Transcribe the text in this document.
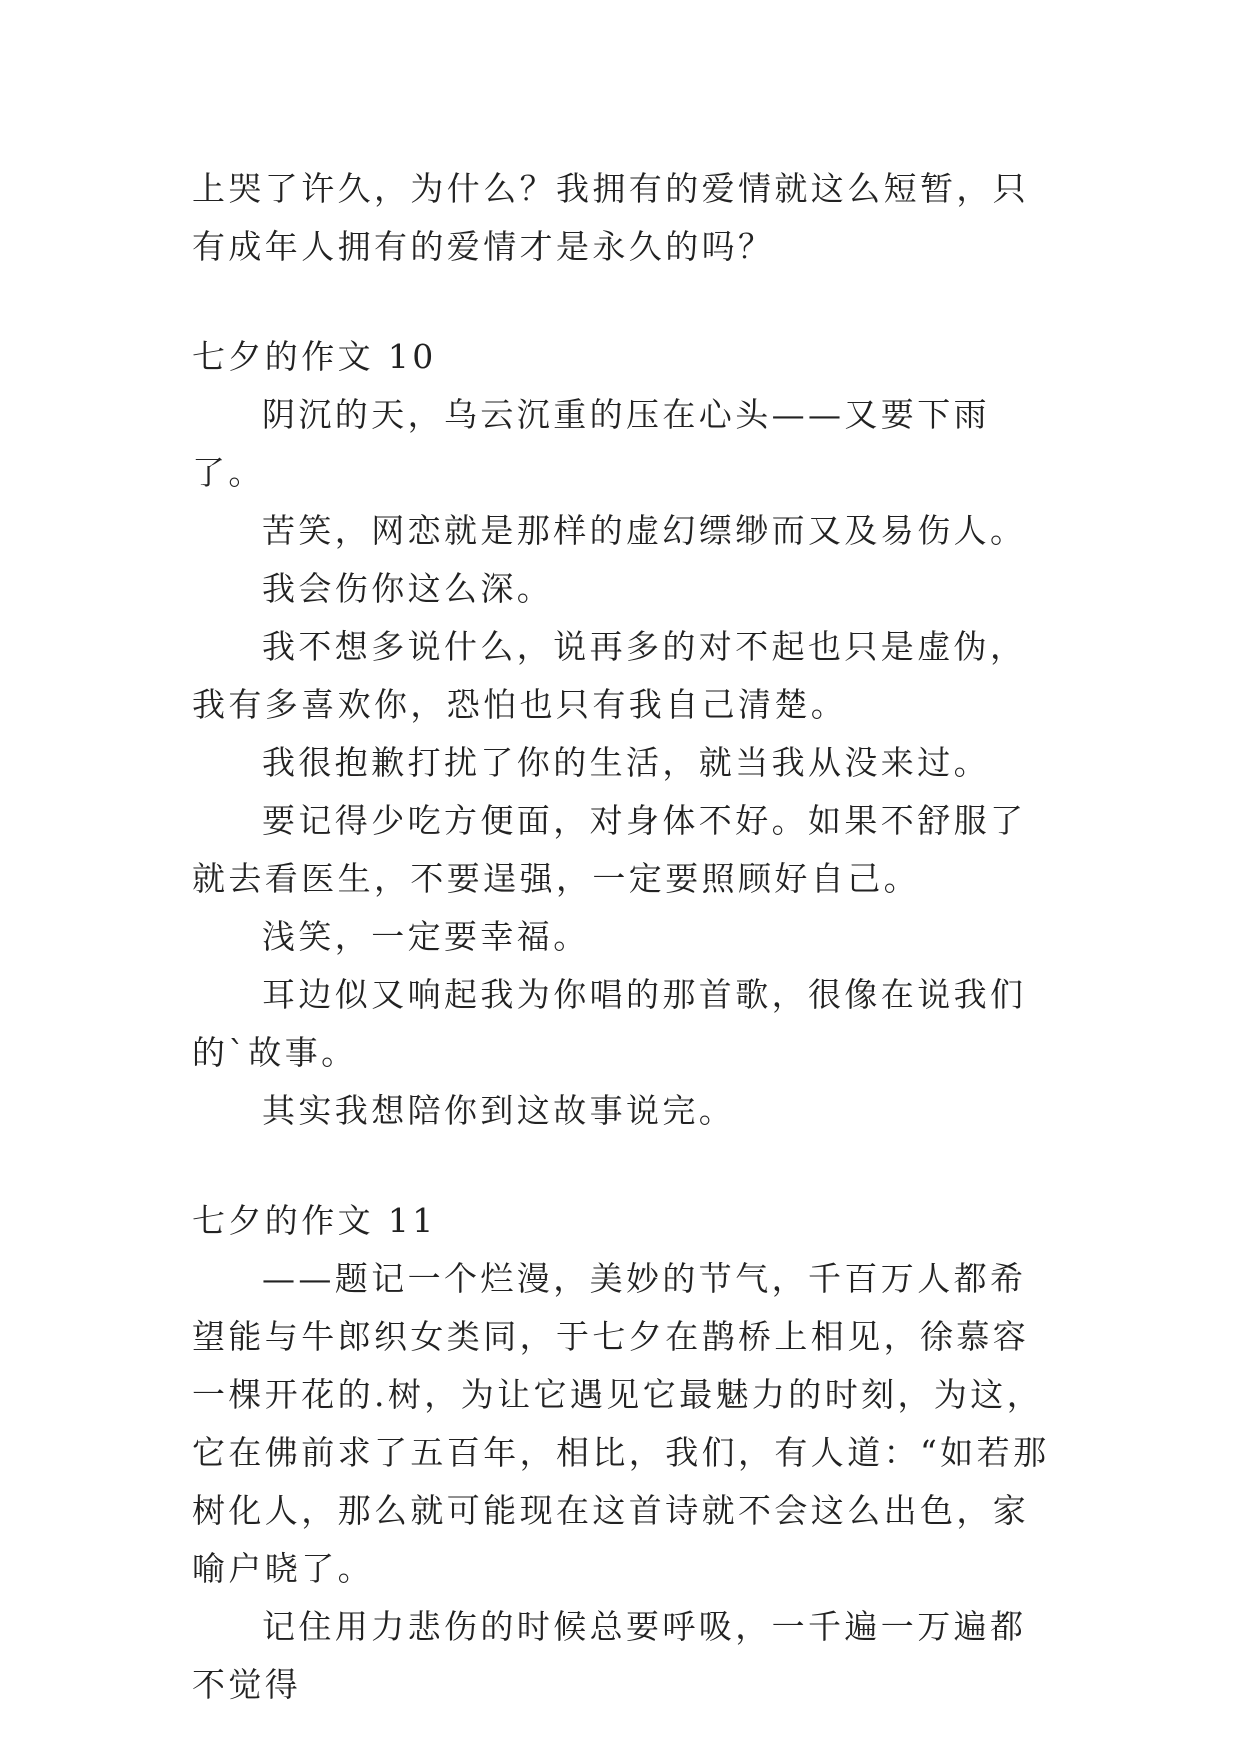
上哭了许久，为什么？我拥有的爱情就这么短暂，只有成年人拥有的爱情才是永久的吗？

七夕的作文 10

阴沉的天，乌云沉重的压在心头——又要下雨了。

苦笑，网恋就是那样的虚幻缥缈而又及易伤人。

我会伤你这么深。

我不想多说什么，说再多的对不起也只是虚伪，我有多喜欢你，恐怕也只有我自己清楚。

我很抱歉打扰了你的生活，就当我从没来过。

要记得少吃方便面，对身体不好。如果不舒服了就去看医生，不要逞强，一定要照顾好自己。

浅笑，一定要幸福。

耳边似又响起我为你唱的那首歌，很像在说我们的`故事。

其实我想陪你到这故事说完。

七夕的作文 11

——题记一个烂漫，美妙的节气，千百万人都希望能与牛郎织女类同，于七夕在鹊桥上相见，徐慕容一棵开花的.树，为让它遇见它最魅力的时刻，为这，它在佛前求了五百年，相比，我们，有人道：“如若那树化人，那么就可能现在这首诗就不会这么出色，家喻户晓了。

记住用力悲伤的时候总要呼吸，一千遍一万遍都不觉得
